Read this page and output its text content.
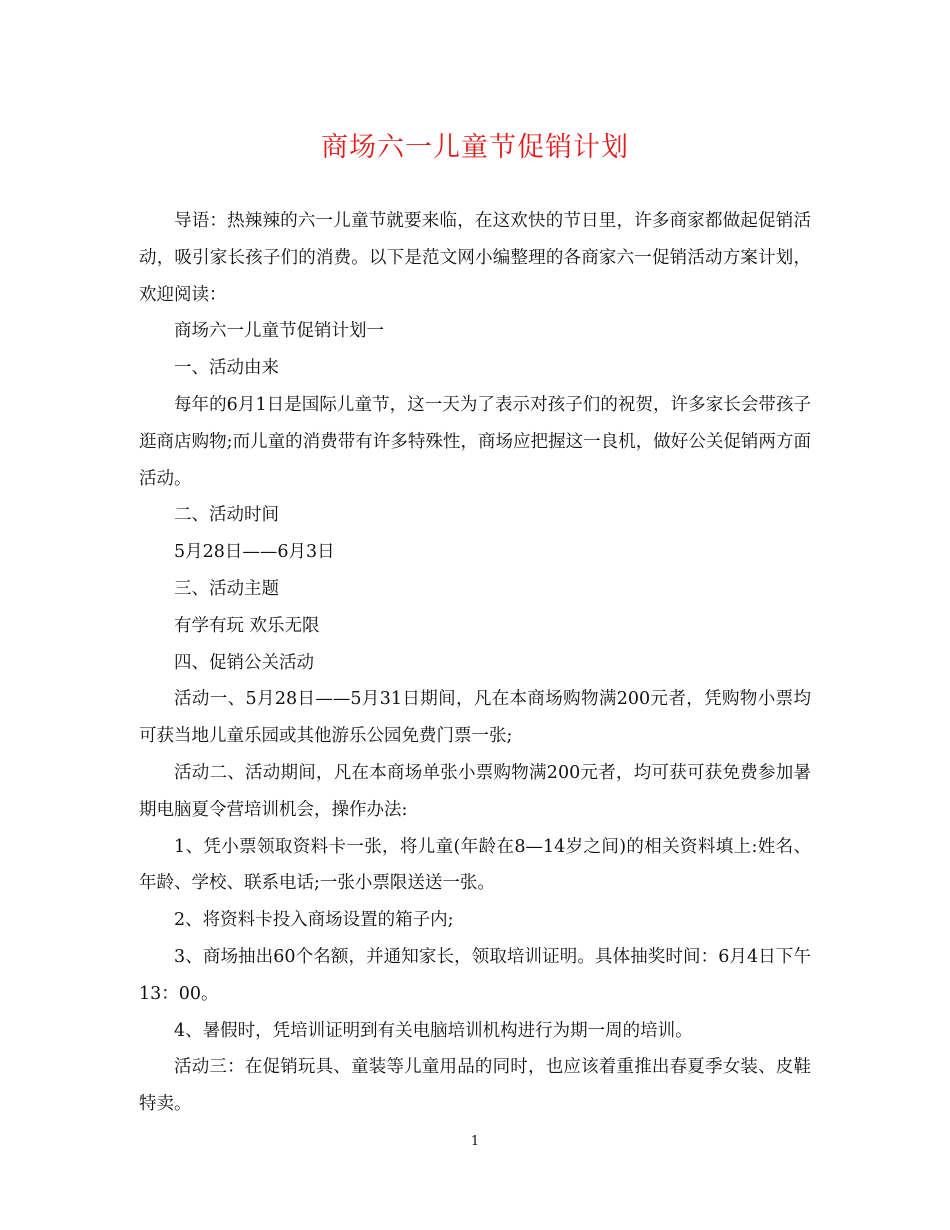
商场六一儿童节促销计划

导语：热辣辣的六一儿童节就要来临，在这欢快的节日里，许多商家都做起促销活动，吸引家长孩子们的消费。以下是范文网小编整理的各商家六一促销活动方案计划，欢迎阅读：

商场六一儿童节促销计划一

一、活动由来

每年的6月1日是国际儿童节，这一天为了表示对孩子们的祝贺，许多家长会带孩子逛商店购物;而儿童的消费带有许多特殊性，商场应把握这一良机，做好公关促销两方面活动。

二、活动时间

5月28日——6月3日

三、活动主题

有学有玩 欢乐无限

四、促销公关活动

活动一、5月28日——5月31日期间，凡在本商场购物满200元者，凭购物小票均可获当地儿童乐园或其他游乐公园免费门票一张;

活动二、活动期间，凡在本商场单张小票购物满200元者，均可获可获免费参加暑期电脑夏令营培训机会，操作办法:

1、凭小票领取资料卡一张，将儿童(年龄在8—14岁之间)的相关资料填上:姓名、年龄、学校、联系电话;一张小票限送送一张。

2、将资料卡投入商场设置的箱子内;

3、商场抽出60个名额，并通知家长，领取培训证明。具体抽奖时间：6月4日下午13：00。

4、暑假时，凭培训证明到有关电脑培训机构进行为期一周的培训。

活动三：在促销玩具、童装等儿童用品的同时，也应该着重推出春夏季女装、皮鞋特卖。

1
